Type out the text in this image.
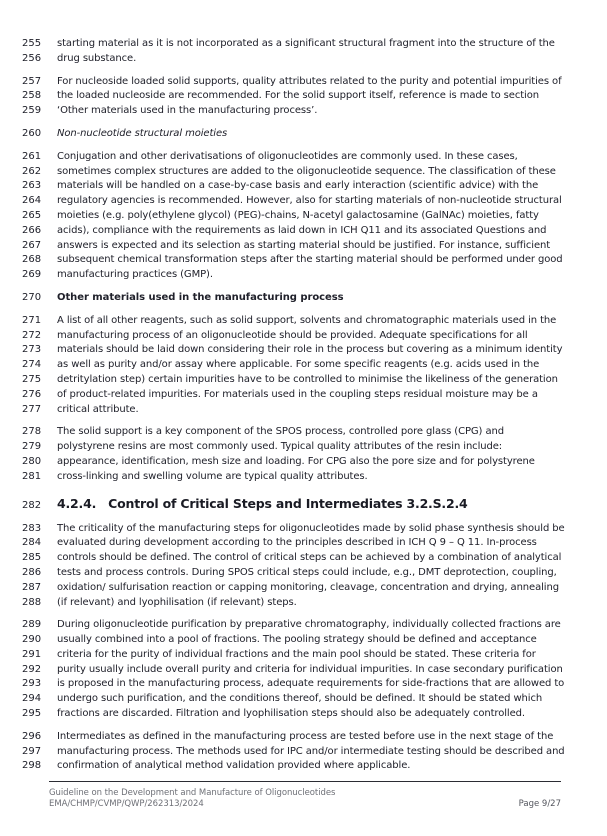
255	starting material as it is not incorporated as a significant structural fragment into the structure of the
256	drug substance.
257	For nucleoside loaded solid supports, quality attributes related to the purity and potential impurities of
258	the loaded nucleoside are recommended. For the solid support itself, reference is made to section
259	‘Other materials used in the manufacturing process’.
260	Non-nucleotide structural moieties
261	Conjugation and other derivatisations of oligonucleotides are commonly used. In these cases,
262	sometimes complex structures are added to the oligonucleotide sequence. The classification of these
263	materials will be handled on a case-by-case basis and early interaction (scientific advice) with the
264	regulatory agencies is recommended. However, also for starting materials of non-nucleotide structural
265	moieties (e.g. poly(ethylene glycol) (PEG)-chains, N-acetyl galactosamine (GalNAc) moieties, fatty
266	acids), compliance with the requirements as laid down in ICH Q11 and its associated Questions and
267	answers is expected and its selection as starting material should be justified. For instance, sufficient
268	subsequent chemical transformation steps after the starting material should be performed under good
269	manufacturing practices (GMP).
270	Other materials used in the manufacturing process
271	A list of all other reagents, such as solid support, solvents and chromatographic materials used in the
272	manufacturing process of an oligonucleotide should be provided. Adequate specifications for all
273	materials should be laid down considering their role in the process but covering as a minimum identity
274	as well as purity and/or assay where applicable. For some specific reagents (e.g. acids used in the
275	detritylation step) certain impurities have to be controlled to minimise the likeliness of the generation
276	of product-related impurities. For materials used in the coupling steps residual moisture may be a
277	critical attribute.
278	The solid support is a key component of the SPOS process, controlled pore glass (CPG) and
279	polystyrene resins are most commonly used. Typical quality attributes of the resin include:
280	appearance, identification, mesh size and loading. For CPG also the pore size and for polystyrene
281	cross-linking and swelling volume are typical quality attributes.
282	4.2.4. Control of Critical Steps and Intermediates 3.2.S.2.4
283	The criticality of the manufacturing steps for oligonucleotides made by solid phase synthesis should be
284	evaluated during development according to the principles described in ICH Q 9 – Q 11. In-process
285	controls should be defined. The control of critical steps can be achieved by a combination of analytical
286	tests and process controls. During SPOS critical steps could include, e.g., DMT deprotection, coupling,
287	oxidation/ sulfurisation reaction or capping monitoring, cleavage, concentration and drying, annealing
288	(if relevant) and lyophilisation (if relevant) steps.
289	During oligonucleotide purification by preparative chromatography, individually collected fractions are
290	usually combined into a pool of fractions. The pooling strategy should be defined and acceptance
291	criteria for the purity of individual fractions and the main pool should be stated. These criteria for
292	purity usually include overall purity and criteria for individual impurities. In case secondary purification
293	is proposed in the manufacturing process, adequate requirements for side-fractions that are allowed to
294	undergo such purification, and the conditions thereof, should be defined. It should be stated which
295	fractions are discarded. Filtration and lyophilisation steps should also be adequately controlled.
296	Intermediates as defined in the manufacturing process are tested before use in the next stage of the
297	manufacturing process. The methods used for IPC and/or intermediate testing should be described and
298	confirmation of analytical method validation provided where applicable.
Guideline on the Development and Manufacture of Oligonucleotides
EMA/CHMP/CVMP/QWP/262313/2024	Page 9/27
